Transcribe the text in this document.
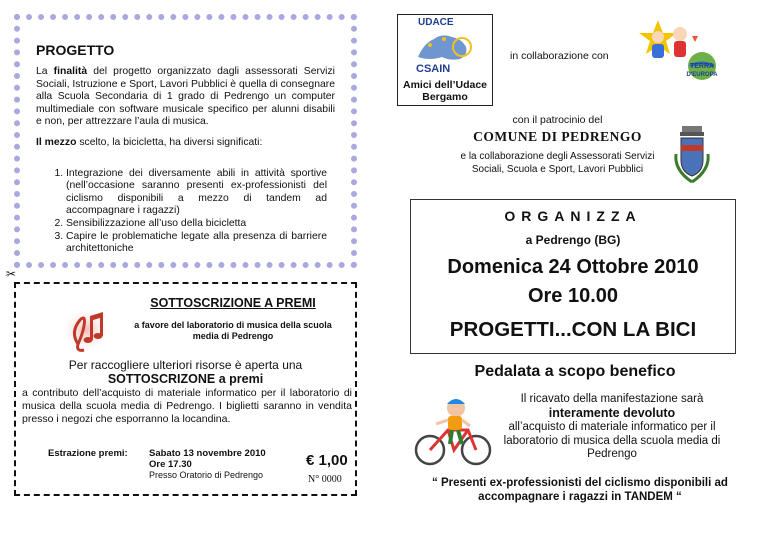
PROGETTO

La finalità del progetto organizzato dagli assessorati Servizi Sociali, Istruzione e Sport, Lavori Pubblici è quella di consegnare alla Scuola Secondaria di 1 grado di Pedrengo un computer multimediale con software musicale specifico per alunni disabili e non, per attrezzare l’aula di musica.

Il mezzo scelto, la bicicletta, ha diversi significati:

1. Integrazione dei diversamente abili in attività sportive (nell’occasione saranno presenti ex-professionisti del ciclismo disponibili a mezzo di tandem ad accompagnare i ragazzi)
2. Sensibilizzazione all’uso della bicicletta
3. Capire le problematiche legate alla presenza di barriere architettoniche
✂
SOTTOSCRIZIONE A PREMI
a favore del laboratorio di musica della scuola media di Pedrengo
Per raccogliere ulteriori risorse è aperta una
SOTTOSCRIZONE a premi
a contributo dell’acquisto di materiale informatico per il laboratorio di musica della scuola media di Pedrengo. I biglietti saranno in vendita presso i negozi che esporranno la locandina.
Estrazione premi: Sabato 13 novembre 2010
Ore 17.30
Presso Oratorio di Pedrengo
€ 1,00
N° 0000
UDACE
CSAIN
Amici dell’Udace Bergamo
in collaborazione con
TERRA
D'EUROPA
con il patrocinio del
COMUNE DI PEDRENGO
e la collaborazione degli Assessorati Servizi Sociali, Scuola e Sport, Lavori Pubblici
ORGANIZZA
a Pedrengo (BG)
Domenica 24 Ottobre 2010
Ore 10.00
PROGETTI...CON LA BICI
Pedalata a scopo benefico
Il ricavato della manifestazione sarà
interamente devoluto
all’acquisto di materiale informatico per il laboratorio di musica della scuola media di Pedrengo
“ Presenti ex-professionisti del ciclismo disponibili ad accompagnare i ragazzi in TANDEM “
